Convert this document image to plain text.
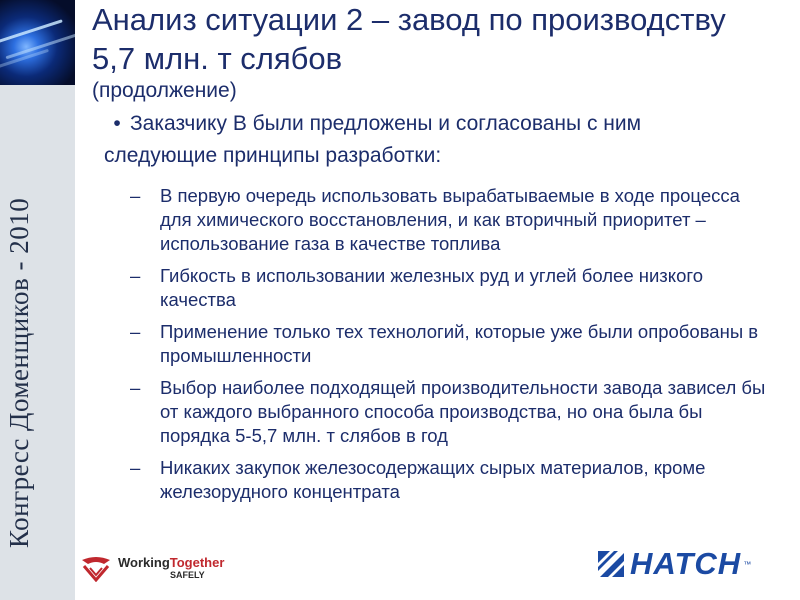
Конгресс Доменщиков - 2010
Анализ ситуации 2 – завод по производству 5,7 млн. т слябов
(продолжение)
• Заказчику В были предложены и согласованы с ним следующие принципы разработки:
– В первую очередь использовать вырабатываемые в ходе процесса для химического восстановления, и как вторичный приоритет – использование газа в качестве топлива
– Гибкость в использовании железных руд и углей более низкого качества
– Применение только тех технологий, которые уже были опробованы в промышленности
– Выбор наиболее подходящей производительности завода зависел бы от каждого выбранного способа производства, но она была бы порядка 5-5,7 млн. т слябов в год
– Никаких закупок железосодержащих сырых материалов, кроме железорудного концентрата
WorkingTogether
SAFELY	HATCH ™
